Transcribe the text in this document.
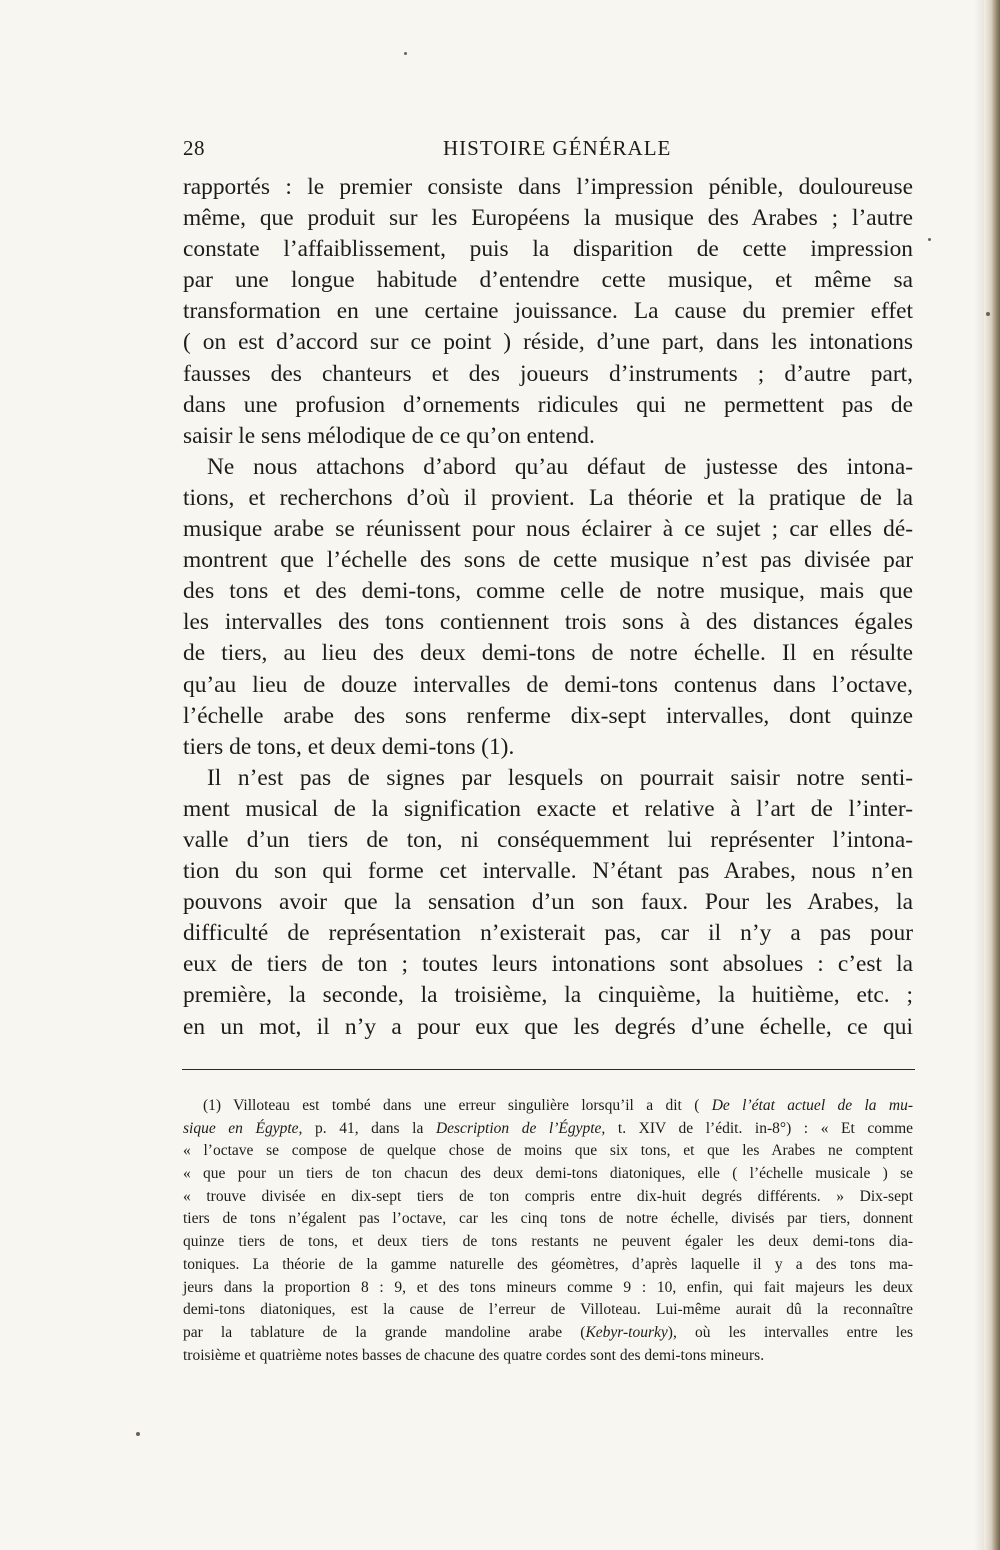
28	HISTOIRE GÉNÉRALE
rapportés : le premier consiste dans l’impression pénible, douloureuse
même, que produit sur les Européens la musique des Arabes ; l’autre
constate l’affaiblissement, puis la disparition de cette impression
par une longue habitude d’entendre cette musique, et même sa
transformation en une certaine jouissance. La cause du premier effet
( on est d’accord sur ce point ) réside, d’une part, dans les intonations
fausses des chanteurs et des joueurs d’instruments ; d’autre part,
dans une profusion d’ornements ridicules qui ne permettent pas de
saisir le sens mélodique de ce qu’on entend.
Ne nous attachons d’abord qu’au défaut de justesse des intona-
tions, et recherchons d’où il provient. La théorie et la pratique de la
musique arabe se réunissent pour nous éclairer à ce sujet ; car elles dé-
montrent que l’échelle des sons de cette musique n’est pas divisée par
des tons et des demi-tons, comme celle de notre musique, mais que
les intervalles des tons contiennent trois sons à des distances égales
de tiers, au lieu des deux demi-tons de notre échelle. Il en résulte
qu’au lieu de douze intervalles de demi-tons contenus dans l’octave,
l’échelle arabe des sons renferme dix-sept intervalles, dont quinze
tiers de tons, et deux demi-tons (1).
Il n’est pas de signes par lesquels on pourrait saisir notre senti-
ment musical de la signification exacte et relative à l’art de l’inter-
valle d’un tiers de ton, ni conséquemment lui représenter l’intona-
tion du son qui forme cet intervalle. N’étant pas Arabes, nous n’en
pouvons avoir que la sensation d’un son faux. Pour les Arabes, la
difficulté de représentation n’existerait pas, car il n’y a pas pour
eux de tiers de ton ; toutes leurs intonations sont absolues : c’est la
première, la seconde, la troisième, la cinquième, la huitième, etc. ;
en un mot, il n’y a pour eux que les degrés d’une échelle, ce qui
(1) Villoteau est tombé dans une erreur singulière lorsqu’il a dit ( De l’état actuel de la mu-
sique en Égypte, p. 41, dans la Description de l’Égypte, t. XIV de l’édit. in-8°) : « Et comme
« l’octave se compose de quelque chose de moins que six tons, et que les Arabes ne comptent
« que pour un tiers de ton chacun des deux demi-tons diatoniques, elle ( l’échelle musicale ) se
« trouve divisée en dix-sept tiers de ton compris entre dix-huit degrés différents. » Dix-sept
tiers de tons n’égalent pas l’octave, car les cinq tons de notre échelle, divisés par tiers, donnent
quinze tiers de tons, et deux tiers de tons restants ne peuvent égaler les deux demi-tons dia-
toniques. La théorie de la gamme naturelle des géomètres, d’après laquelle il y a des tons ma-
jeurs dans la proportion 8 : 9, et des tons mineurs comme 9 : 10, enfin, qui fait majeurs les deux
demi-tons diatoniques, est la cause de l’erreur de Villoteau. Lui-même aurait dû la reconnaître
par la tablature de la grande mandoline arabe (Kebyr-tourky), où les intervalles entre les
troisième et quatrième notes basses de chacune des quatre cordes sont des demi-tons mineurs.
